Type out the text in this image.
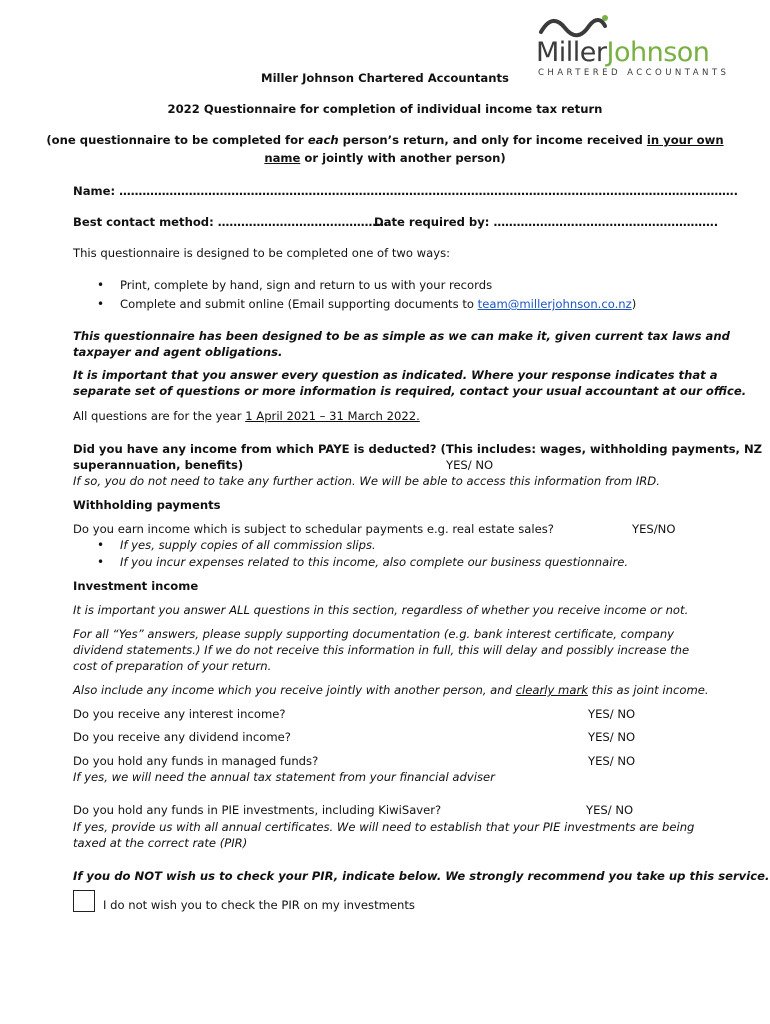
MillerJohnson
CHARTERED ACCOUNTANTS
Miller Johnson Chartered Accountants
2022 Questionnaire for completion of individual income tax return
(one questionnaire to be completed for each person’s return, and only for income received in your own
name or jointly with another person)
Name: …………………………………………………………………………………………………………………………………………….
Best contact method: ………………………………………
Date required by: ………………………………………………….
This questionnaire is designed to be completed one of two ways:
• Print, complete by hand, sign and return to us with your records
• Complete and submit online (Email supporting documents to team@millerjohnson.co.nz)
This questionnaire has been designed to be as simple as we can make it, given current tax laws and
taxpayer and agent obligations.
It is important that you answer every question as indicated. Where your response indicates that a
separate set of questions or more information is required, contact your usual accountant at our office.
All questions are for the year 1 April 2021 – 31 March 2022.
Did you have any income from which PAYE is deducted? (This includes: wages, withholding payments, NZ
superannuation, benefits)	YES/ NO
If so, you do not need to take any further action. We will be able to access this information from IRD.
Withholding payments
Do you earn income which is subject to schedular payments e.g. real estate sales?	YES/NO
• If yes, supply copies of all commission slips.
• If you incur expenses related to this income, also complete our business questionnaire.
Investment income
It is important you answer ALL questions in this section, regardless of whether you receive income or not.
For all “Yes” answers, please supply supporting documentation (e.g. bank interest certificate, company
dividend statements.) If we do not receive this information in full, this will delay and possibly increase the
cost of preparation of your return.
Also include any income which you receive jointly with another person, and clearly mark this as joint income.
Do you receive any interest income?	YES/ NO
Do you receive any dividend income?	YES/ NO
Do you hold any funds in managed funds?	YES/ NO
If yes, we will need the annual tax statement from your financial adviser
Do you hold any funds in PIE investments, including KiwiSaver?	YES/ NO
If yes, provide us with all annual certificates. We will need to establish that your PIE investments are being
taxed at the correct rate (PIR)
If you do NOT wish us to check your PIR, indicate below. We strongly recommend you take up this service.
I do not wish you to check the PIR on my investments
